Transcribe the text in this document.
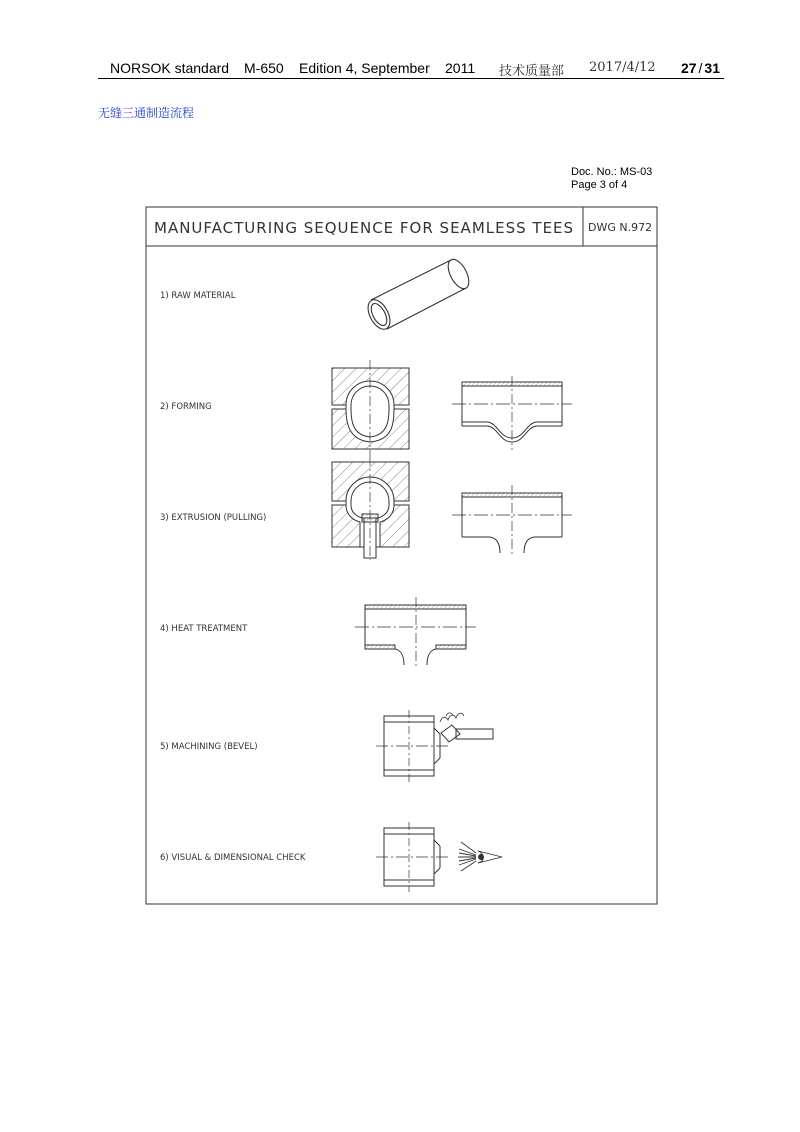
NORSOK standard M-650 Edition 4, September 2011 技术质量部 2017/4/12 27 / 31
无缝三通制造流程
Doc. No.: MS-03
Page 3 of 4
MANUFACTURING SEQUENCE FOR SEAMLESS TEES DWG N.972
1) RAW MATERIAL
2) FORMING
3) EXTRUSION (PULLING)
4) HEAT TREATMENT
5) MACHINING (BEVEL)
6) VISUAL & DIMENSIONAL CHECK
